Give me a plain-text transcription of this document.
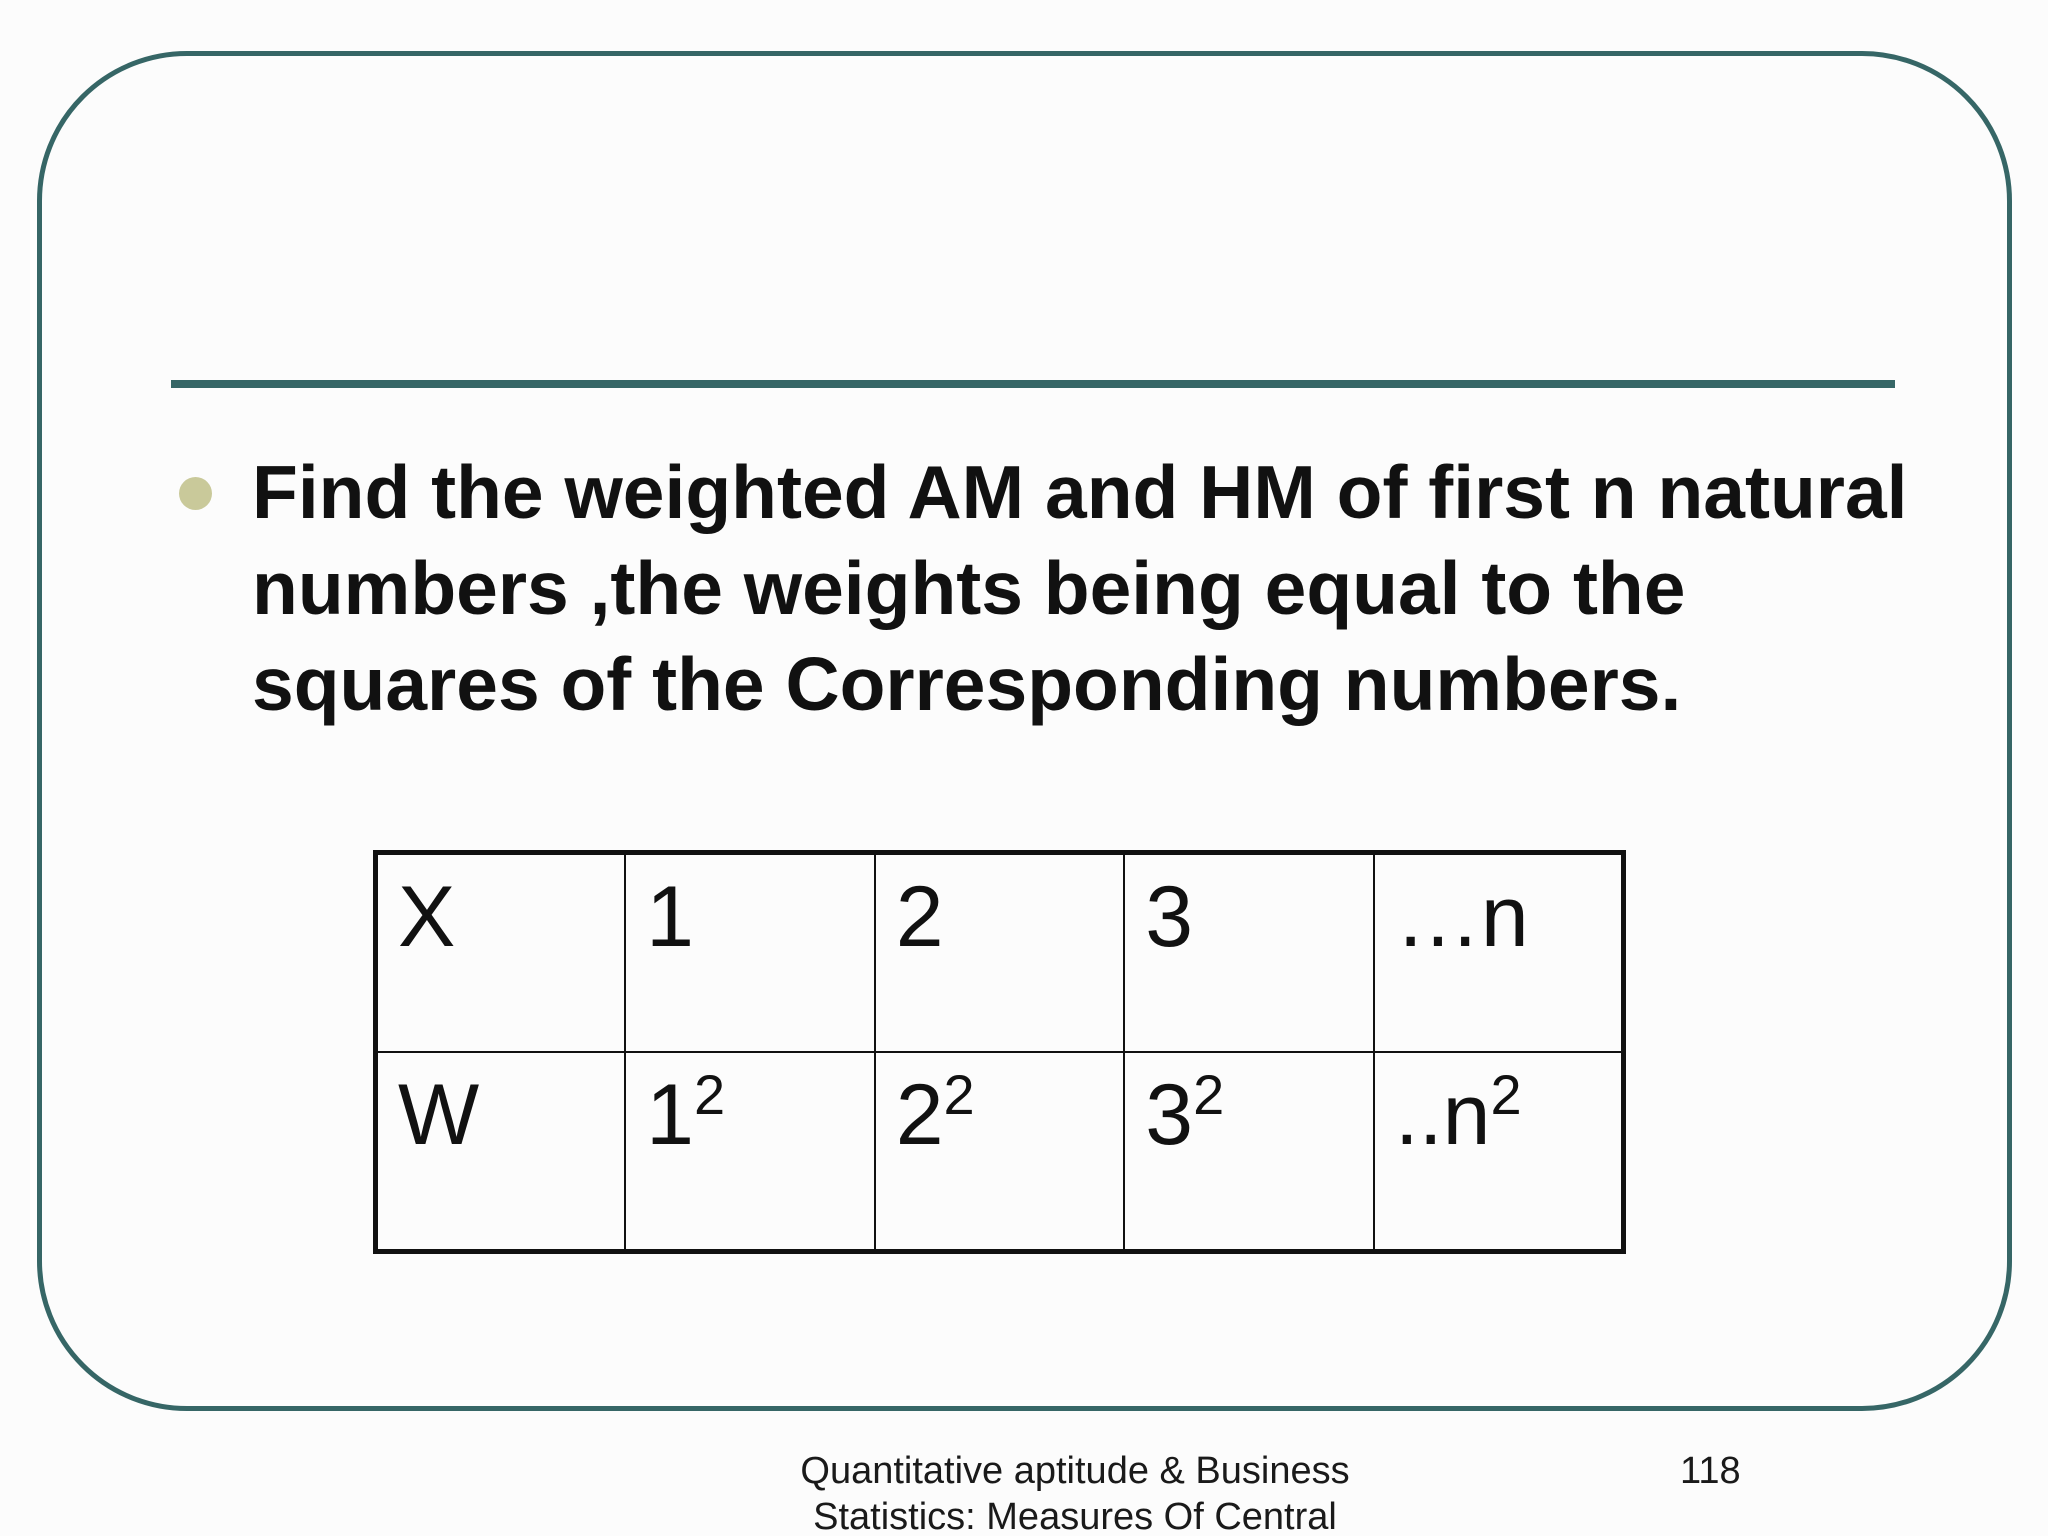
Find the weighted AM and HM of first n natural
numbers ,the weights being equal to the
squares of the Corresponding numbers.

X	1	2	3	…n
W	$1^2$	$2^2$	$3^2$	$..n^2$
Quantitative aptitude & Business
Statistics: Measures Of Central
118
